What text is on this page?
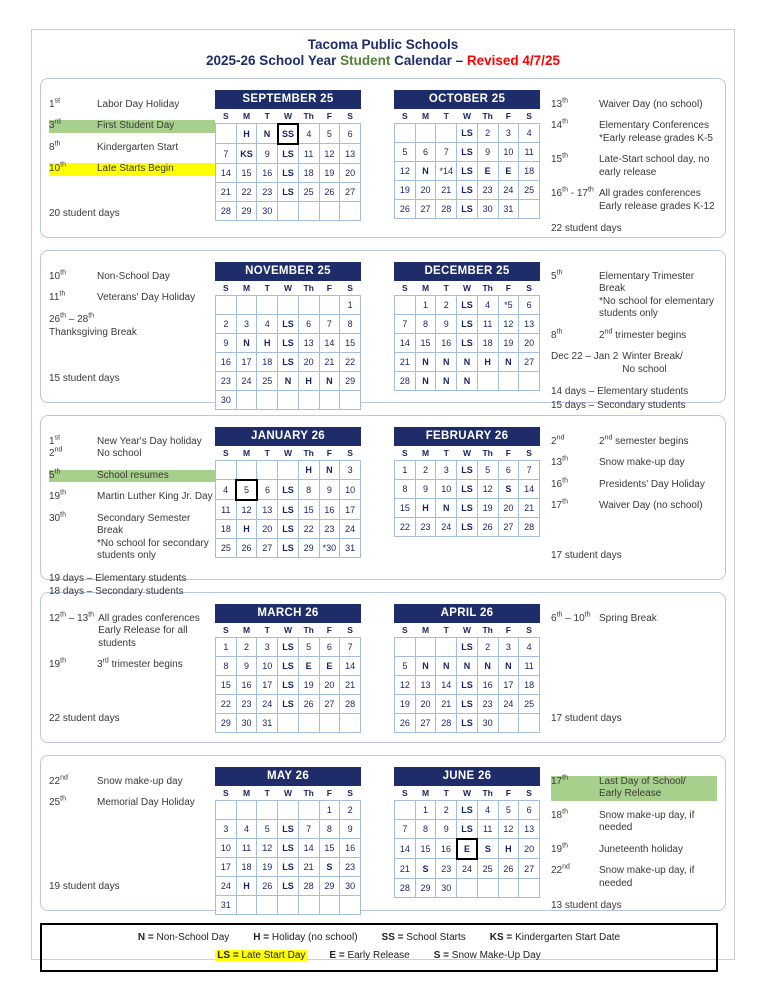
Tacoma Public Schools
2025-26 School Year Student Calendar – Revised 4/7/25
1st	Labor Day Holiday
3rd	First Student Day
8th	Kindergarten Start
10th	Late Starts Begin
20 student days
SEPTEMBER 25
S	M	T	W	Th	F	S
	H	N	SS	4	5	6
7	KS	9	LS	11	12	13
14	15	16	LS	18	19	20
21	22	23	LS	25	26	27
28	29	30				
OCTOBER 25
S	M	T	W	Th	F	S
			LS	2	3	4
5	6	7	LS	9	10	11
12	N	*14	LS	E	E	18
19	20	21	LS	23	24	25
26	27	28	LS	30	31	
13th	Waiver Day (no school)
14th	Elementary Conferences
*Early release grades K-5
15th	Late-Start school day, no
early release
16th - 17th All grades conferences
Early release grades K-12
22 student days
10th	Non-School Day
11th	Veterans' Day Holiday
26th – 28th
Thanksgiving Break
15 student days
NOVEMBER 25
S	M	T	W	Th	F	S
						1
2	3	4	LS	6	7	8
9	N	H	LS	13	14	15
16	17	18	LS	20	21	22
23	24	25	N	H	N	29
30						
DECEMBER 25
S	M	T	W	Th	F	S
	1	2	LS	4	*5	6
7	8	9	LS	11	12	13
14	15	16	LS	18	19	20
21	N	N	N	H	N	27
28	N	N	N			
5th	Elementary Trimester Break
*No school for elementary
students only
8th	2nd trimester begins
Dec 22 – Jan 2 Winter Break/
No school
14 days – Elementary students
15 days – Secondary students
1st	New Year's Day holiday
2nd	No school
5th	School resumes
19th	Martin Luther King Jr. Day
30th	Secondary Semester Break
*No school for secondary
students only
19 days – Elementary students
18 days – Secondary students
JANUARY 26
S	M	T	W	Th	F	S
				H	N	3
4	5	6	LS	8	9	10
11	12	13	LS	15	16	17
18	H	20	LS	22	23	24
25	26	27	LS	29	*30	31
FEBRUARY 26
S	M	T	W	Th	F	S
1	2	3	LS	5	6	7
8	9	10	LS	12	S	14
15	H	N	LS	19	20	21
22	23	24	LS	26	27	28
2nd	2nd semester begins
13th	Snow make-up day
16th	Presidents' Day Holiday
17th	Waiver Day (no school)
17 student days
12th – 13th All grades conferences
Early Release for all
students
19th	3rd trimester begins
22 student days
MARCH 26
S	M	T	W	Th	F	S
1	2	3	LS	5	6	7
8	9	10	LS	E	E	14
15	16	17	LS	19	20	21
22	23	24	LS	26	27	28
29	30	31				
APRIL 26
S	M	T	W	Th	F	S
			LS	2	3	4
5	N	N	N	N	N	11
12	13	14	LS	16	17	18
19	20	21	LS	23	24	25
26	27	28	LS	30		
6th – 10th Spring Break
17 student days
22nd	Snow make-up day
25th	Memorial Day Holiday
19 student days
MAY 26
S	M	T	W	Th	F	S
					1	2
3	4	5	LS	7	8	9
10	11	12	LS	14	15	16
17	18	19	LS	21	S	23
24	H	26	LS	28	29	30
31						
JUNE 26
S	M	T	W	Th	F	S
	1	2	LS	4	5	6
7	8	9	LS	11	12	13
14	15	16	E	S	H	20
21	S	23	24	25	26	27
28	29	30				
17th	Last Day of School/
Early Release
18th	Snow make-up day, if needed
19th	Juneteenth holiday
22nd	Snow make-up day, if needed
13 student days
N = Non-School Day H = Holiday (no school) SS = School Starts KS = Kindergarten Start Date
LS = Late Start Day E = Early Release S = Snow Make-Up Day
